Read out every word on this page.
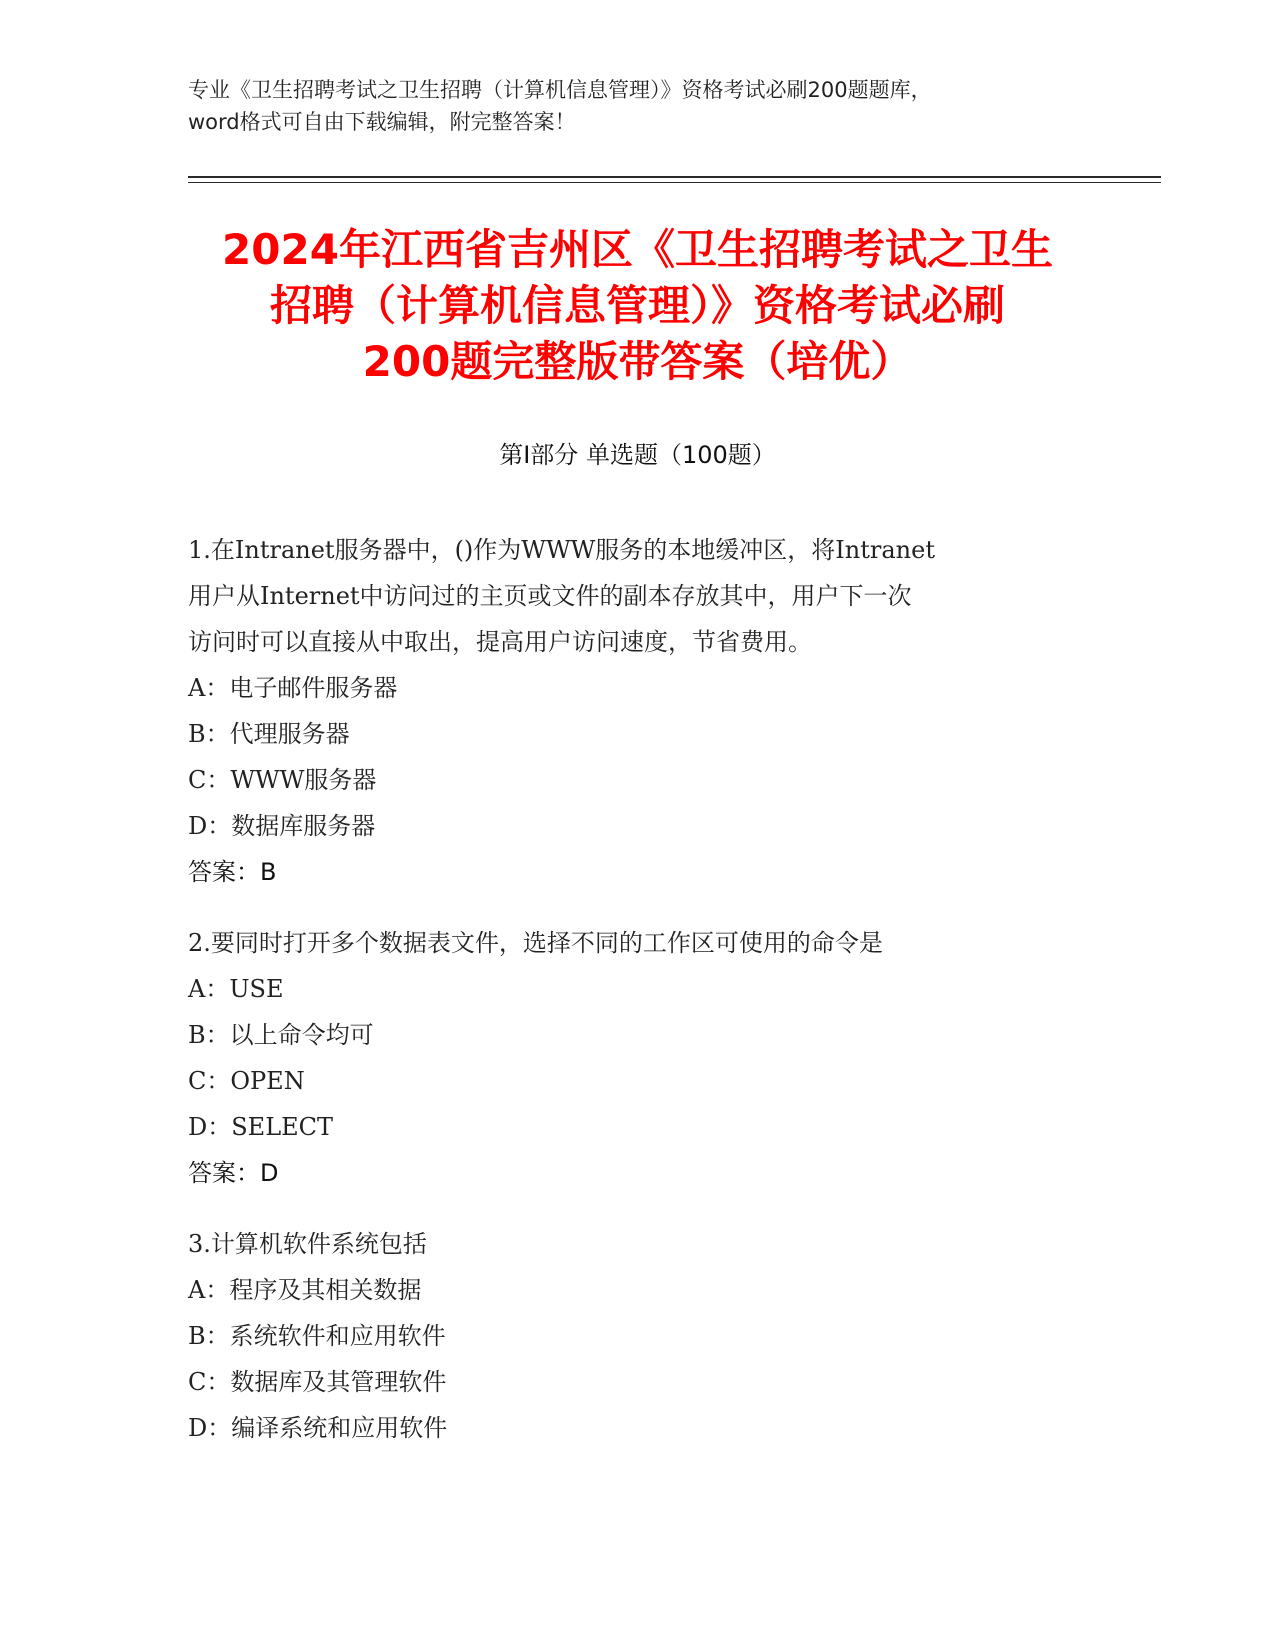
专业《卫生招聘考试之卫生招聘（计算机信息管理）》资格考试必刷200题题库，
word格式可自由下载编辑，附完整答案！
2024年江西省吉州区《卫生招聘考试之卫生
招聘（计算机信息管理）》资格考试必刷
200题完整版带答案（培优）
第Ⅰ部分 单选题（100题）
1.在Intranet服务器中，()作为WWW服务的本地缓冲区，将Intranet
用户从Internet中访问过的主页或文件的副本存放其中，用户下一次
访问时可以直接从中取出，提高用户访问速度，节省费用。
A：电子邮件服务器
B：代理服务器
C：WWW服务器
D：数据库服务器
答案：B
2.要同时打开多个数据表文件，选择不同的工作区可使用的命令是
A：USE
B：以上命令均可
C：OPEN
D：SELECT
答案：D
3.计算机软件系统包括
A：程序及其相关数据
B：系统软件和应用软件
C：数据库及其管理软件
D：编译系统和应用软件
